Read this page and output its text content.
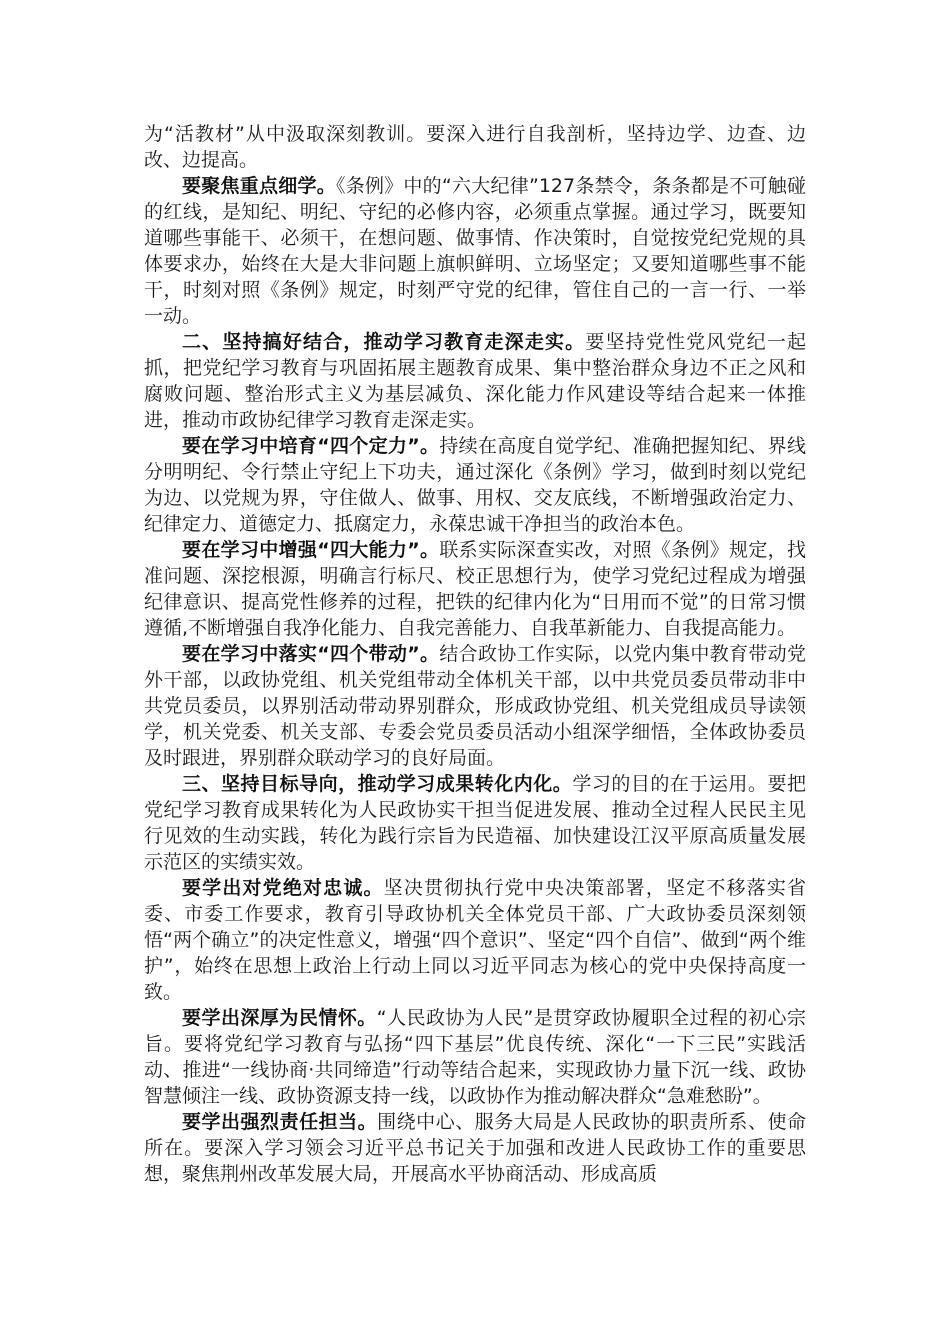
为“活教材”从中汲取深刻教训。要深入进行自我剖析，坚持边学、边查、边改、边提高。

要聚焦重点细学。《条例》中的“六大纪律”127条禁令，条条都是不可触碰的红线，是知纪、明纪、守纪的必修内容，必须重点掌握。通过学习，既要知道哪些事能干、必须干，在想问题、做事情、作决策时，自觉按党纪党规的具体要求办，始终在大是大非问题上旗帜鲜明、立场坚定；又要知道哪些事不能干，时刻对照《条例》规定，时刻严守党的纪律，管住自己的一言一行、一举一动。

二、坚持搞好结合，推动学习教育走深走实。要坚持党性党风党纪一起抓，把党纪学习教育与巩固拓展主题教育成果、集中整治群众身边不正之风和腐败问题、整治形式主义为基层减负、深化能力作风建设等结合起来一体推进，推动市政协纪律学习教育走深走实。

要在学习中培育“四个定力”。持续在高度自觉学纪、准确把握知纪、界线分明明纪、令行禁止守纪上下功夫，通过深化《条例》学习，做到时刻以党纪为边、以党规为界，守住做人、做事、用权、交友底线，不断增强政治定力、纪律定力、道德定力、抵腐定力，永葆忠诚干净担当的政治本色。

要在学习中增强“四大能力”。联系实际深查实改，对照《条例》规定，找准问题、深挖根源，明确言行标尺、校正思想行为，使学习党纪过程成为增强纪律意识、提高党性修养的过程，把铁的纪律内化为“日用而不觉”的日常习惯遵循,不断增强自我净化能力、自我完善能力、自我革新能力、自我提高能力。

要在学习中落实“四个带动”。结合政协工作实际，以党内集中教育带动党外干部，以政协党组、机关党组带动全体机关干部，以中共党员委员带动非中共党员委员，以界别活动带动界别群众，形成政协党组、机关党组成员导读领学，机关党委、机关支部、专委会党员委员活动小组深学细悟，全体政协委员及时跟进，界别群众联动学习的良好局面。

三、坚持目标导向，推动学习成果转化内化。学习的目的在于运用。要把党纪学习教育成果转化为人民政协实干担当促进发展、推动全过程人民民主见行见效的生动实践，转化为践行宗旨为民造福、加快建设江汉平原高质量发展示范区的实绩实效。

要学出对党绝对忠诚。坚决贯彻执行党中央决策部署，坚定不移落实省委、市委工作要求，教育引导政协机关全体党员干部、广大政协委员深刻领悟“两个确立”的决定性意义，增强“四个意识”、坚定“四个自信”、做到“两个维护”，始终在思想上政治上行动上同以习近平同志为核心的党中央保持高度一致。

要学出深厚为民情怀。“人民政协为人民”是贯穿政协履职全过程的初心宗旨。要将党纪学习教育与弘扬“四下基层”优良传统、深化“一下三民”实践活动、推进“一线协商·共同缔造”行动等结合起来，实现政协力量下沉一线、政协智慧倾注一线、政协资源支持一线，以政协作为推动解决群众“急难愁盼”。

要学出强烈责任担当。围绕中心、服务大局是人民政协的职责所系、使命所在。要深入学习领会习近平总书记关于加强和改进人民政协工作的重要思想，聚焦荆州改革发展大局，开展高水平协商活动、形成高质
